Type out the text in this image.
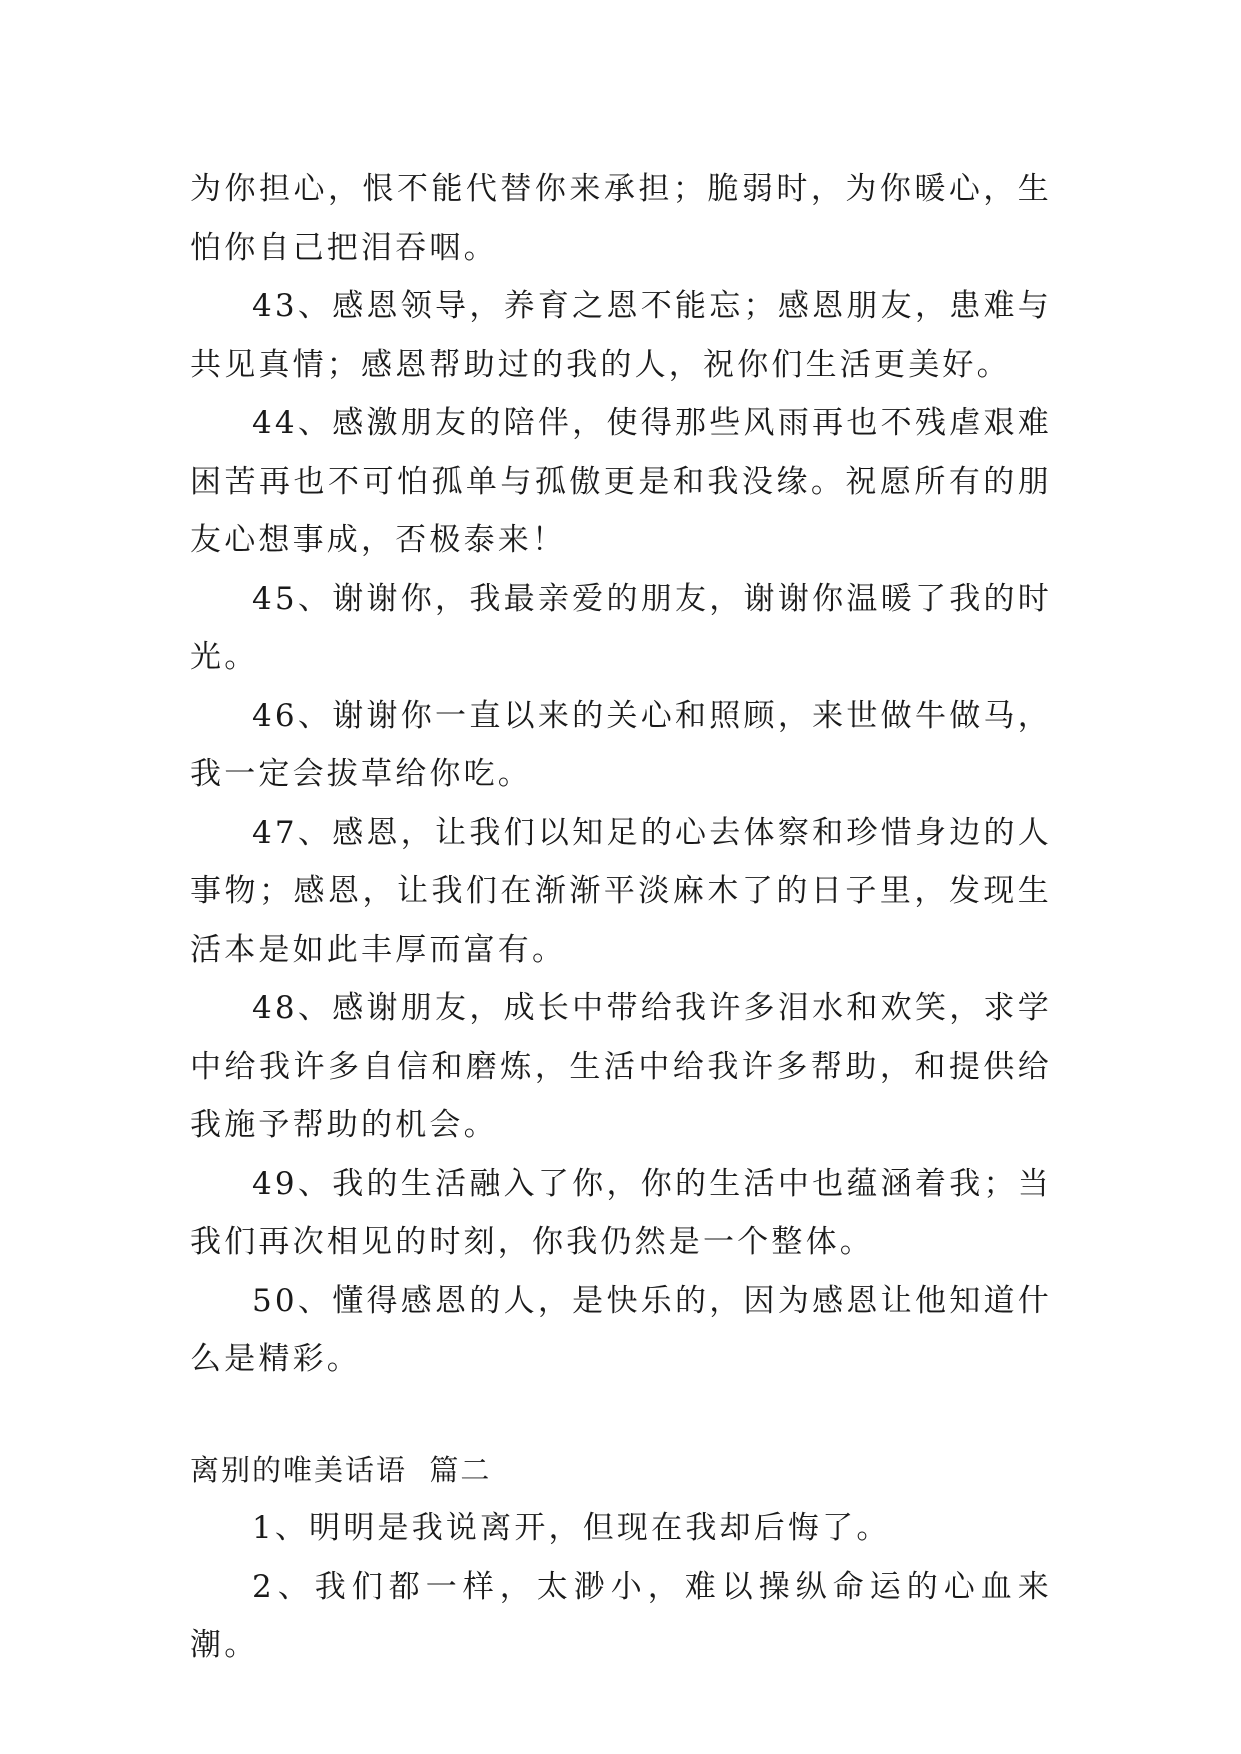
为你担心，恨不能代替你来承担；脆弱时，为你暖心，生怕你自己把泪吞咽。

43、感恩领导，养育之恩不能忘；感恩朋友，患难与共见真情；感恩帮助过的我的人，祝你们生活更美好。

44、感激朋友的陪伴，使得那些风雨再也不残虐艰难困苦再也不可怕孤单与孤傲更是和我没缘。祝愿所有的朋友心想事成，否极泰来！

45、谢谢你，我最亲爱的朋友，谢谢你温暖了我的时光。

46、谢谢你一直以来的关心和照顾，来世做牛做马，我一定会拔草给你吃。

47、感恩，让我们以知足的心去体察和珍惜身边的人事物；感恩，让我们在渐渐平淡麻木了的日子里，发现生活本是如此丰厚而富有。

48、感谢朋友，成长中带给我许多泪水和欢笑，求学中给我许多自信和磨炼，生活中给我许多帮助，和提供给我施予帮助的机会。

49、我的生活融入了你，你的生活中也蕴涵着我；当我们再次相见的时刻，你我仍然是一个整体。

50、懂得感恩的人，是快乐的，因为感恩让他知道什么是精彩。

离别的唯美话语  篇二

1、明明是我说离开，但现在我却后悔了。

2、我们都一样，太渺小，难以操纵命运的心血来潮。
